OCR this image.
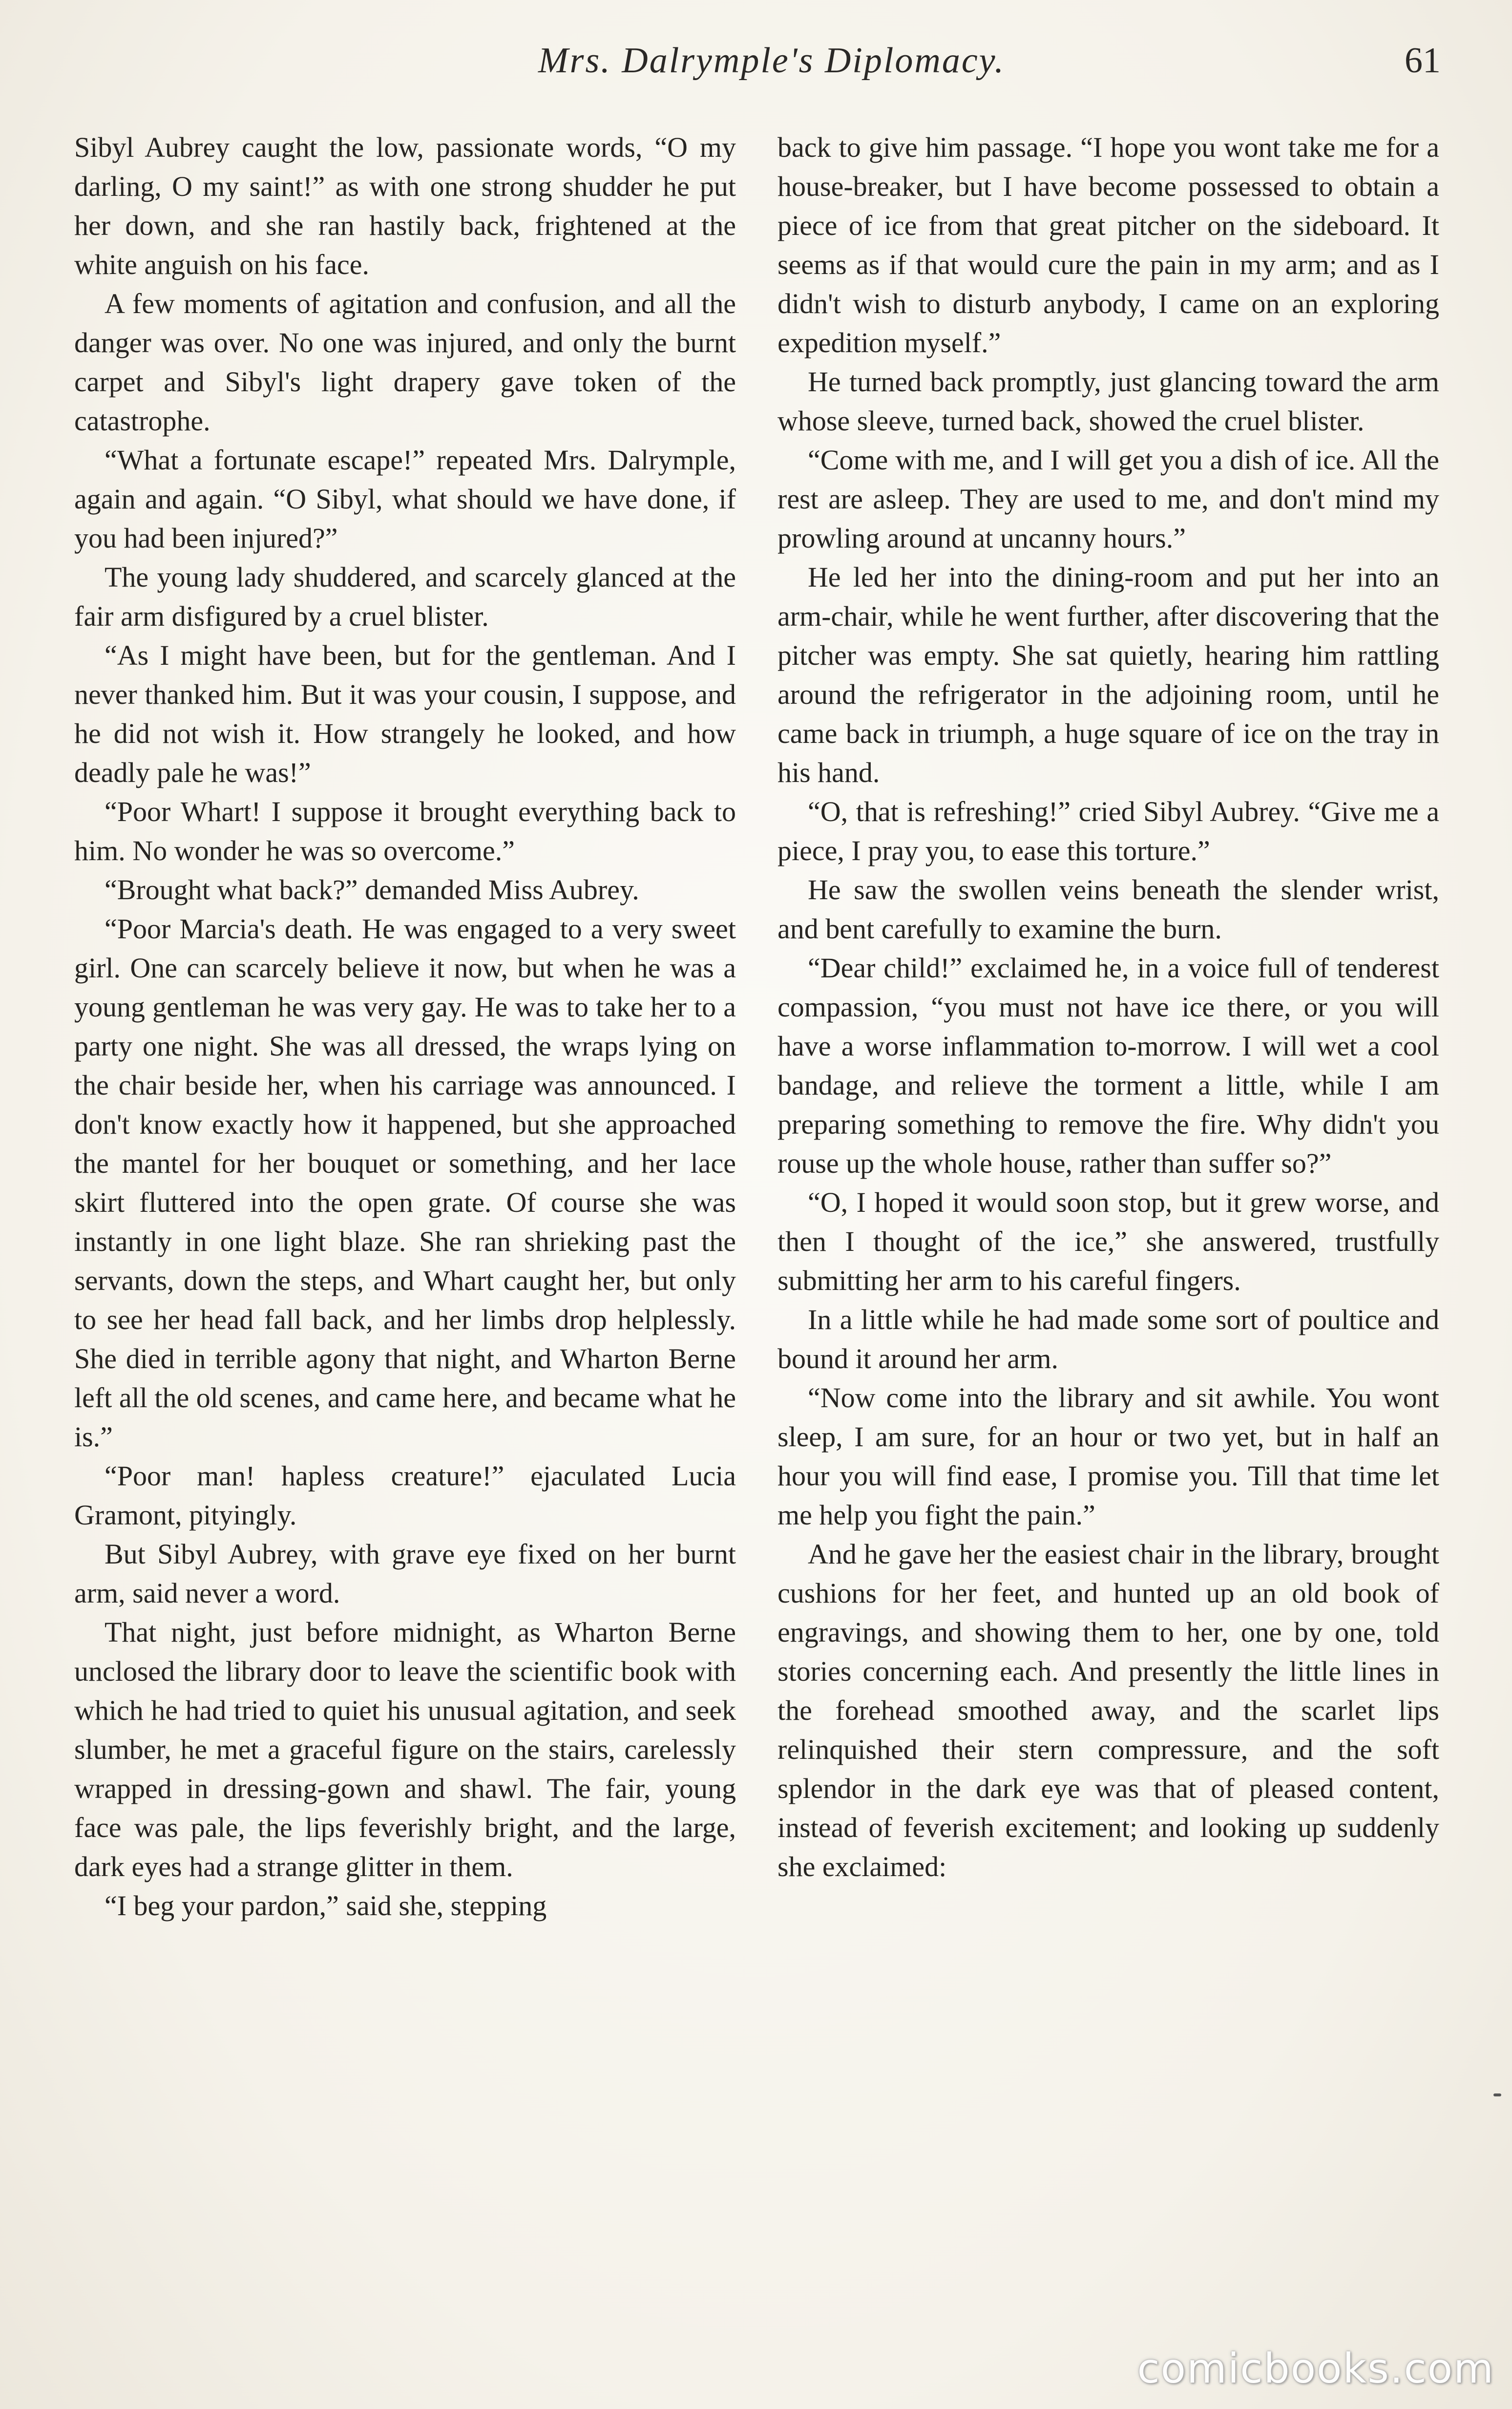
Mrs. Dalrymple's Diplomacy.	61

Sibyl Aubrey caught the low, passionate words, “O my darling, O my saint!” as with one strong shudder he put her down, and she ran hastily back, frightened at the white anguish on his face.

A few moments of agitation and confusion, and all the danger was over. No one was injured, and only the burnt carpet and Sibyl's light drapery gave token of the catastrophe.

“What a fortunate escape!” repeated Mrs. Dalrymple, again and again. “O Sibyl, what should we have done, if you had been injured?”

The young lady shuddered, and scarcely glanced at the fair arm disfigured by a cruel blister.

“As I might have been, but for the gentleman. And I never thanked him. But it was your cousin, I suppose, and he did not wish it. How strangely he looked, and how deadly pale he was!”

“Poor Whart! I suppose it brought everything back to him. No wonder he was so overcome.”

“Brought what back?” demanded Miss Aubrey.

“Poor Marcia's death. He was engaged to a very sweet girl. One can scarcely believe it now, but when he was a young gentleman he was very gay. He was to take her to a party one night. She was all dressed, the wraps lying on the chair beside her, when his carriage was announced. I don't know exactly how it happened, but she approached the mantel for her bouquet or something, and her lace skirt fluttered into the open grate. Of course she was instantly in one light blaze. She ran shrieking past the servants, down the steps, and Whart caught her, but only to see her head fall back, and her limbs drop helplessly. She died in terrible agony that night, and Wharton Berne left all the old scenes, and came here, and became what he is.”

“Poor man! hapless creature!” ejaculated Lucia Gramont, pityingly.

But Sibyl Aubrey, with grave eye fixed on her burnt arm, said never a word.

That night, just before midnight, as Wharton Berne unclosed the library door to leave the scientific book with which he had tried to quiet his unusual agitation, and seek slumber, he met a graceful figure on the stairs, carelessly wrapped in dressing-gown and shawl. The fair, young face was pale, the lips feverishly bright, and the large, dark eyes had a strange glitter in them.

“I beg your pardon,” said she, stepping

back to give him passage. “I hope you wont take me for a house-breaker, but I have become possessed to obtain a piece of ice from that great pitcher on the sideboard. It seems as if that would cure the pain in my arm; and as I didn't wish to disturb anybody, I came on an exploring expedition myself.”

He turned back promptly, just glancing toward the arm whose sleeve, turned back, showed the cruel blister.

“Come with me, and I will get you a dish of ice. All the rest are asleep. They are used to me, and don't mind my prowling around at uncanny hours.”

He led her into the dining-room and put her into an arm-chair, while he went further, after discovering that the pitcher was empty. She sat quietly, hearing him rattling around the refrigerator in the adjoining room, until he came back in triumph, a huge square of ice on the tray in his hand.

“O, that is refreshing!” cried Sibyl Aubrey. “Give me a piece, I pray you, to ease this torture.”

He saw the swollen veins beneath the slender wrist, and bent carefully to examine the burn.

“Dear child!” exclaimed he, in a voice full of tenderest compassion, “you must not have ice there, or you will have a worse inflammation to-morrow. I will wet a cool bandage, and relieve the torment a little, while I am preparing something to remove the fire. Why didn't you rouse up the whole house, rather than suffer so?”

“O, I hoped it would soon stop, but it grew worse, and then I thought of the ice,” she answered, trustfully submitting her arm to his careful fingers.

In a little while he had made some sort of poultice and bound it around her arm.

“Now come into the library and sit awhile. You wont sleep, I am sure, for an hour or two yet, but in half an hour you will find ease, I promise you. Till that time let me help you fight the pain.”

And he gave her the easiest chair in the library, brought cushions for her feet, and hunted up an old book of engravings, and showing them to her, one by one, told stories concerning each. And presently the little lines in the forehead smoothed away, and the scarlet lips relinquished their stern compressure, and the soft splendor in the dark eye was that of pleased content, instead of feverish excitement; and looking up suddenly she exclaimed:

comicbooks.com
